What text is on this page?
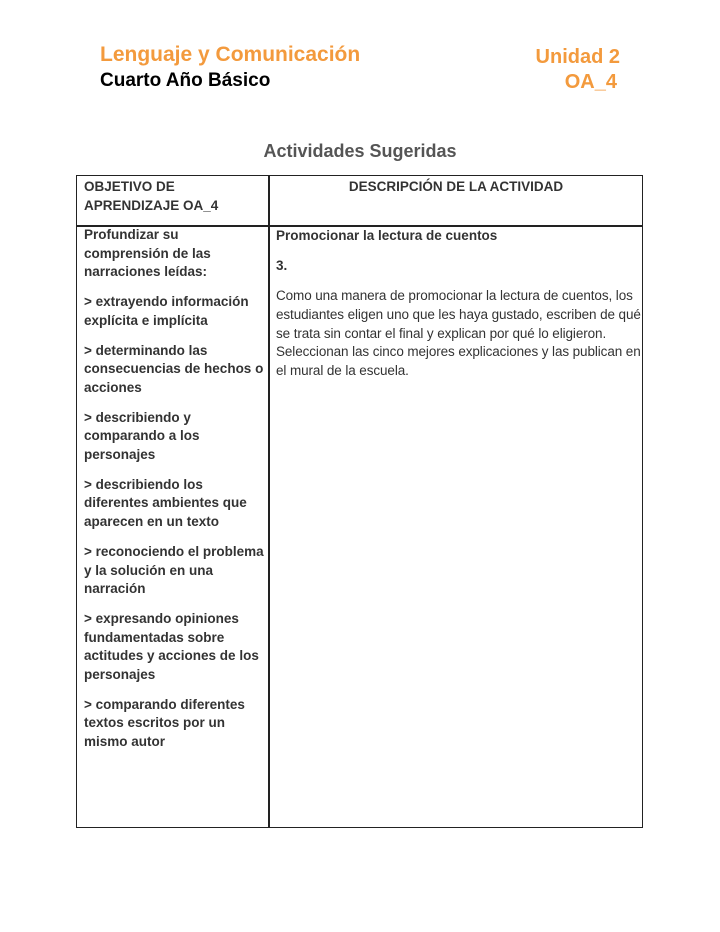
Lenguaje y Comunicación
Cuarto Año Básico
Unidad 2
OA_4
Actividades Sugeridas
OBJETIVO DE APRENDIZAJE OA_4
DESCRIPCIÓN DE LA ACTIVIDAD

Profundizar su comprensión de las narraciones leídas:

> extrayendo información explícita e implícita

> determinando las consecuencias de hechos o acciones

> describiendo y comparando a los personajes

> describiendo los diferentes ambientes que aparecen en un texto

> reconociendo el problema y la solución en una narración

> expresando opiniones fundamentadas sobre actitudes y acciones de los personajes

> comparando diferentes textos escritos por un mismo autor

Promocionar la lectura de cuentos

3.

Como una manera de promocionar la lectura de cuentos, los estudiantes eligen uno que les haya gustado, escriben de qué se trata sin contar el final y explican por qué lo eligieron. Seleccionan las cinco mejores explicaciones y las publican en el mural de la escuela.
